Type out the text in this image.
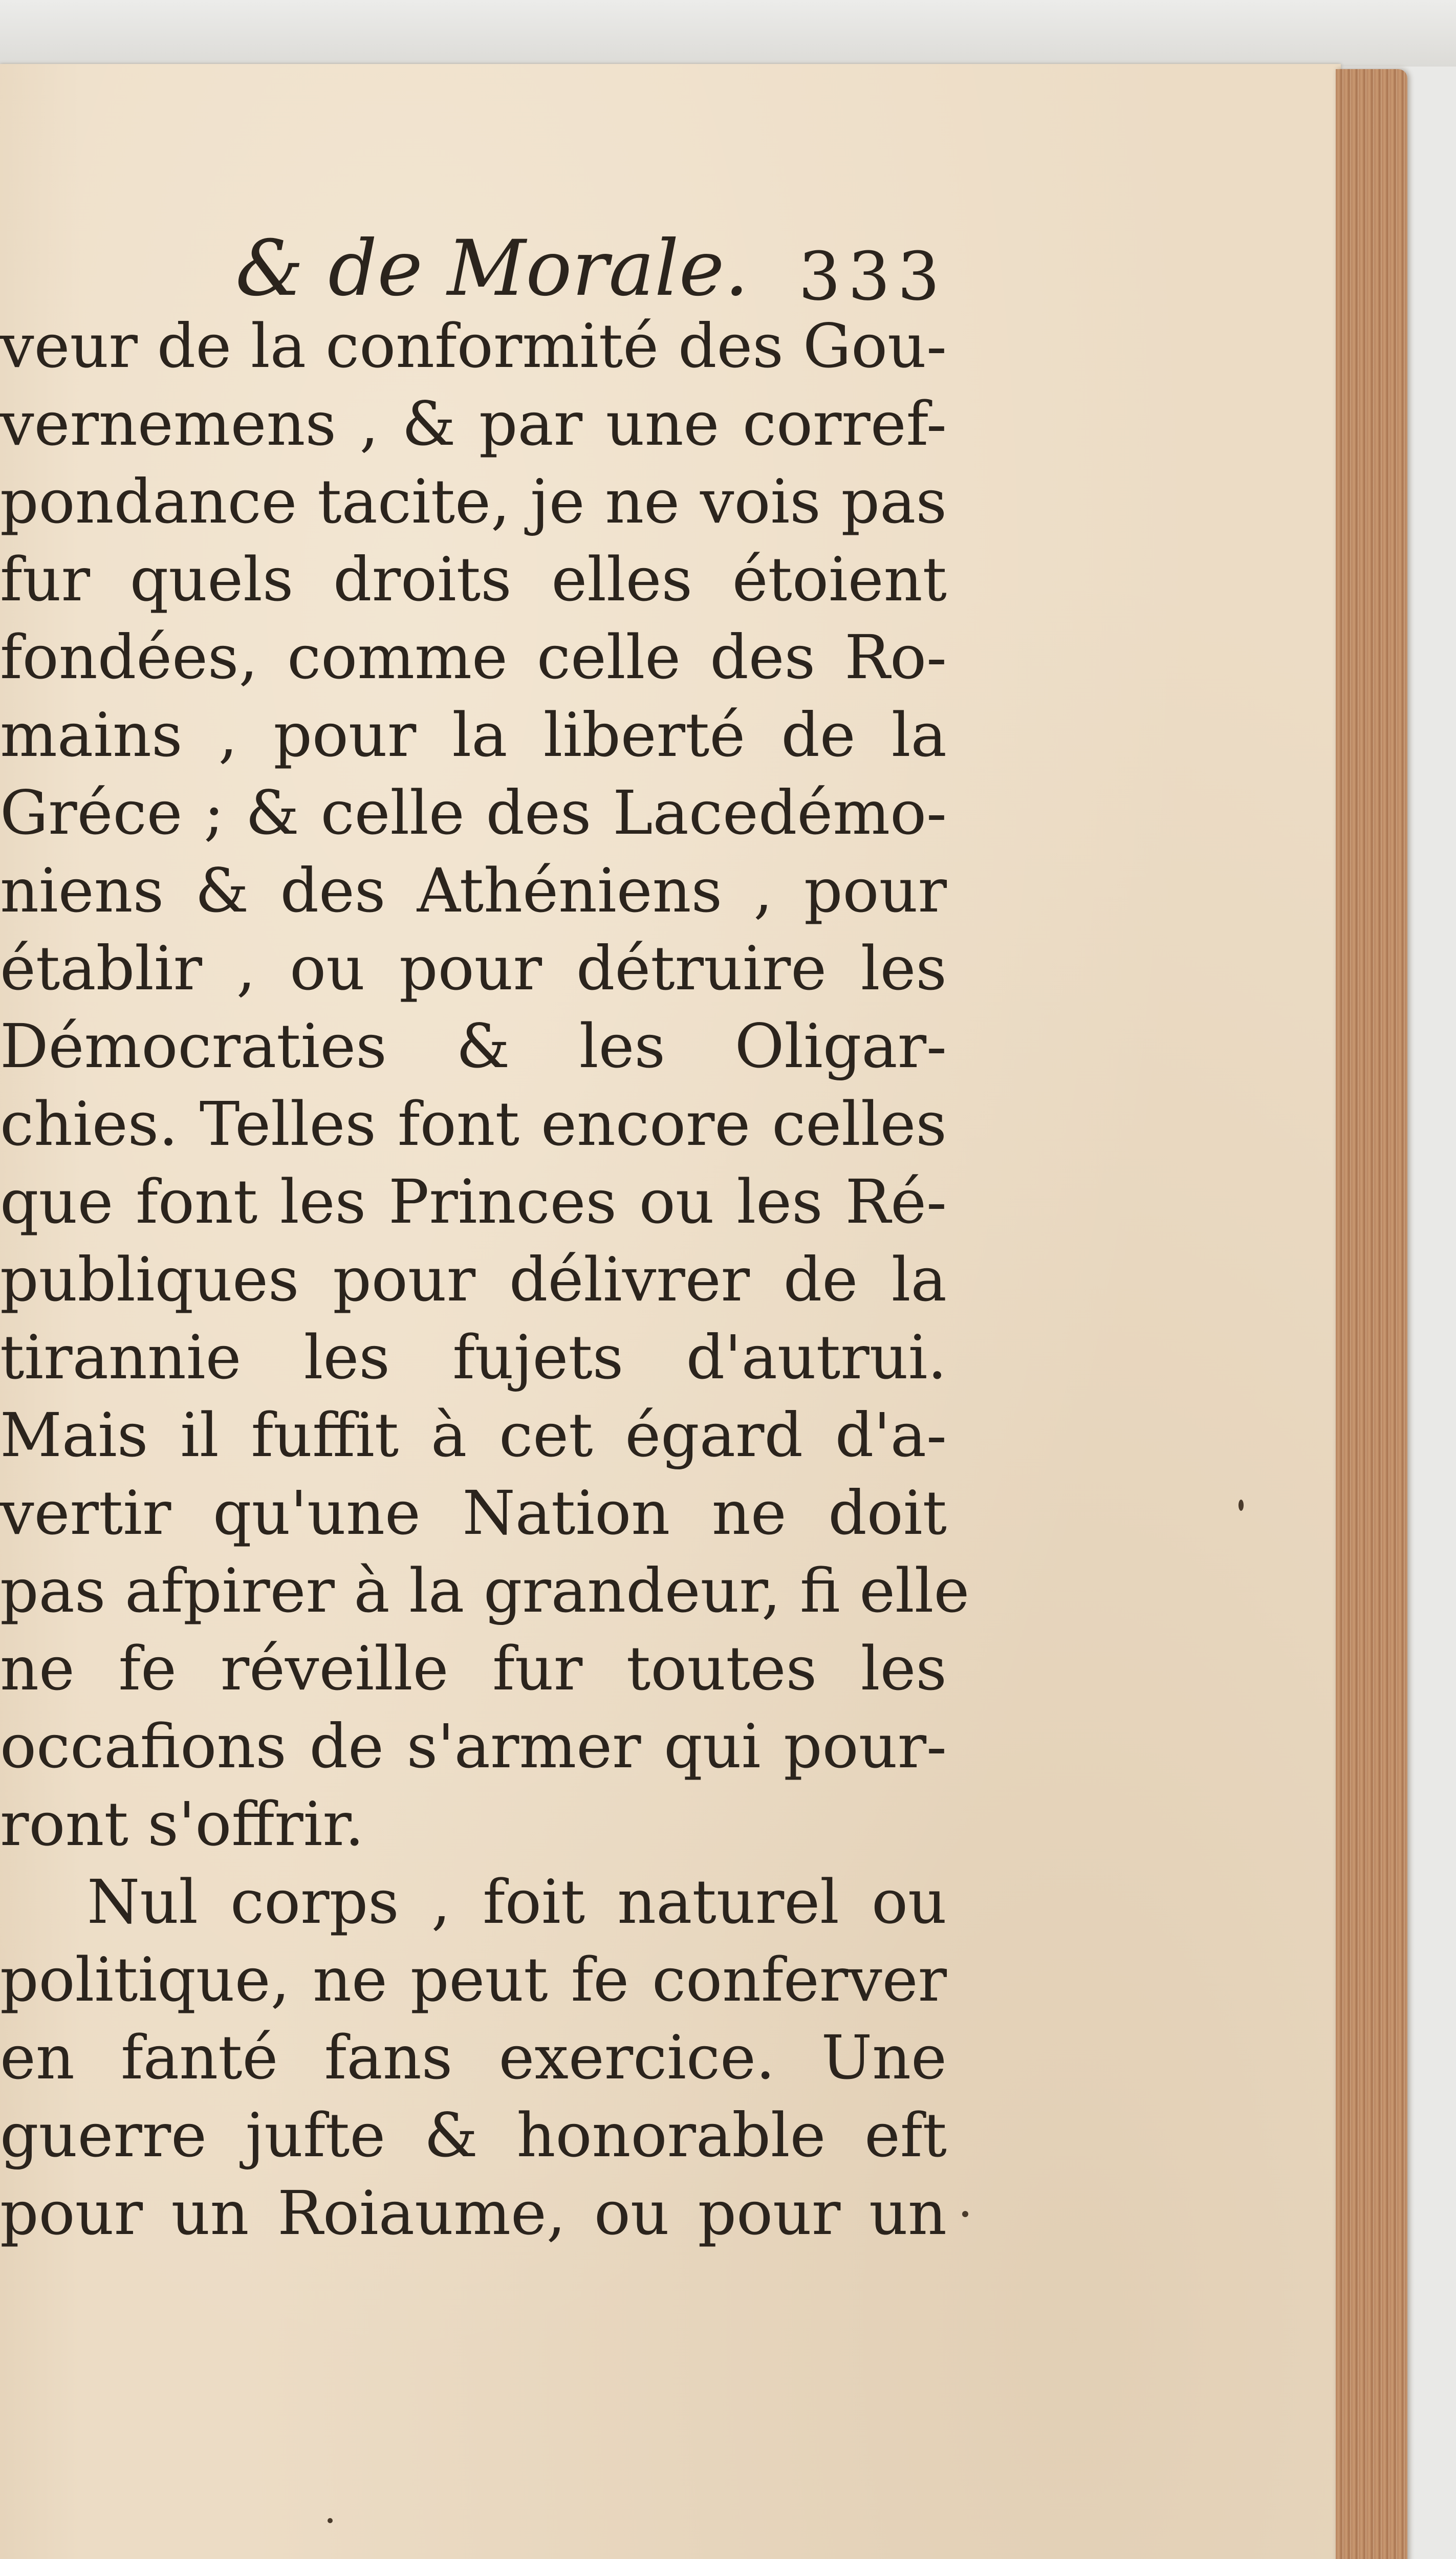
& de Morale. 333
veur de la conformité des Gou-
vernemens , & par une corref-
pondance tacite, je ne vois pas
fur quels droits elles étoient
fondées, comme celle des Ro-
mains , pour la liberté de la
Gréce ; & celle des Lacedémo-
niens & des Athéniens , pour
établir , ou pour détruire les
Démocraties & les Oligar-
chies. Telles font encore celles
que font les Princes ou les Ré-
publiques pour délivrer de la
tirannie les fujets d'autrui.
Mais il fuffit à cet égard d'a-
vertir qu'une Nation ne doit
pas afpirer à la grandeur, fi elle
ne fe réveille fur toutes les
occafions de s'armer qui pour-
ront s'offrir.
Nul corps , foit naturel ou
politique, ne peut fe conferver
en fanté fans exercice. Une
guerre jufte & honorable eft
pour un Roiaume, ou pour un
